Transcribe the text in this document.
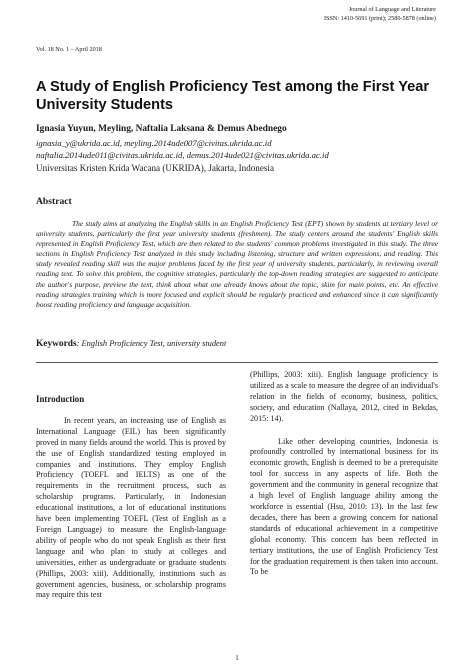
Journal of Language and Literature
ISSN: 1410-5691 (print); 2580-5878 (online)
Vol. 18 No. 1 – April 2018
A Study of English Proficiency Test among the First Year University Students
Ignasia Yuyun, Meyling, Naftalia Laksana & Demus Abednego
ignasia_y@ukrida.ac.id, meyling.2014ude007@civitas.ukrida.ac.id
naftalia.2014ude011@civitas.ukrida.ac.id, demus.2014ude021@civitas.ukrida.ac.id
Universitas Kristen Krida Wacana (UKRIDA), Jakarta, Indonesia
Abstract
The study aims at analyzing the English skills in an English Proficiency Test (EPT) shown by students at tertiary level or university students, particularly the first year university students (freshmen). The study centers around the students' English skills represented in English Proficiency Test, which are then related to the students' common problems investigated in this study. The three sections in English Proficiency Test analyzed in this study including listening, structure and written expressions, and reading. This study revealed reading skill was the major problems faced by the first year of university students, particularly, in reviewing overall reading text. To solve this problem, the cognitive strategies, particularly the top-down reading strategies are suggested to anticipate the author's purpose, preview the text, think about what one already knows about the topic, skim for main points, etc. An effective reading strategies training which is more focused and explicit should be regularly practiced and enhanced since it can significantly boost reading proficiency and language acquisition.
Keywords: English Proficiency Test, university student
Introduction

In recent years, an increasing use of English as International Language (EIL) has been significantly proved in many fields around the world. This is proved by the use of English standardized testing employed in companies and institutions. They employ English Proficiency (TOEFL and IELTS) as one of the requirements in the recruitment process, such as scholarship programs. Particularly, in Indonesian educational institutions, a lot of educational institutions have been implementing TOEFL (Test of English as a Foreign Language) to measure the English-language ability of people who do not speak English as their first language and who plan to study at colleges and universities, either as undergraduate or graduate students (Phillips, 2003: xiii). Additionally, institutions such as government agencies, business, or scholarship programs may require this test

(Phillips, 2003: xiii). English language proficiency is utilized as a scale to measure the degree of an individual's relation in the fields of economy, business, politics, society, and education (Nallaya, 2012, cited in Bekdas, 2015: 14).

Like other developing countries, Indonesia is profoundly controlled by international business for its economic growth, English is deemed to be a prerequisite tool for success in any aspects of life. Both the government and the community in general recognize that a high level of English language ability among the workforce is essential (Hsu, 2010: 13). In the last few decades, there has been a growing concern for national standards of educational achievement in a competitive global economy. This concern has been reflected in tertiary institutions, the use of English Proficiency Test for the graduation requirement is then taken into account. To be

1
